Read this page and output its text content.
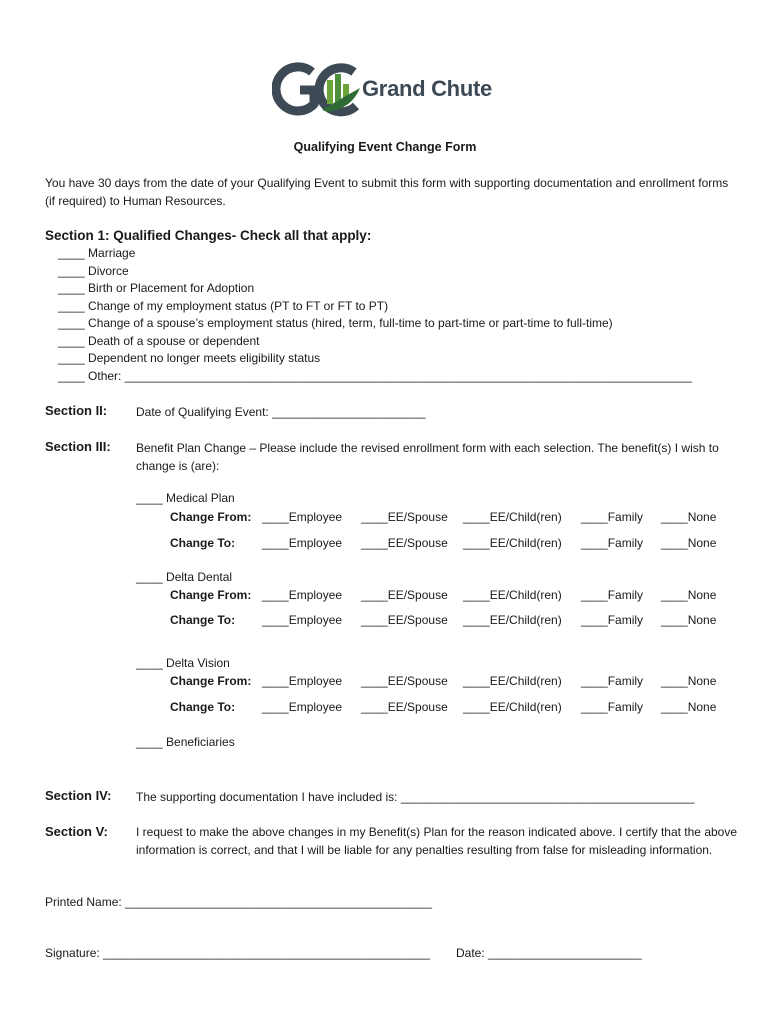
Grand Chute
Qualifying Event Change Form
You have 30 days from the date of your Qualifying Event to submit this form with supporting documentation and enrollment forms (if required) to Human Resources.
Section 1: Qualified Changes- Check all that apply:
____ Marriage
____ Divorce
____ Birth or Placement for Adoption
____ Change of my employment status (PT to FT or FT to PT)
____ Change of a spouse’s employment status (hired, term, full-time to part-time or part-time to full-time)
____ Death of a spouse or dependent
____ Dependent no longer meets eligibility status
____ Other: _____________________________________________________________________________________
Section II: Date of Qualifying Event: _______________________
Section III: Benefit Plan Change – Please include the revised enrollment form with each selection. The benefit(s) I wish to change is (are):
____ Medical Plan
Change From: ____Employee ____EE/Spouse ____EE/Child(ren) ____Family ____None
Change To: ____Employee ____EE/Spouse ____EE/Child(ren) ____Family ____None
____ Delta Dental
Change From: ____Employee ____EE/Spouse ____EE/Child(ren) ____Family ____None
Change To: ____Employee ____EE/Spouse ____EE/Child(ren) ____Family ____None
____ Delta Vision
Change From: ____Employee ____EE/Spouse ____EE/Child(ren) ____Family ____None
Change To: ____Employee ____EE/Spouse ____EE/Child(ren) ____Family ____None
____ Beneficiaries
Section IV: The supporting documentation I have included is: ____________________________________________
Section V: I request to make the above changes in my Benefit(s) Plan for the reason indicated above. I certify that the above information is correct, and that I will be liable for any penalties resulting from false for misleading information.
Printed Name: ______________________________________________
Signature: _________________________________________________ Date: _______________________
